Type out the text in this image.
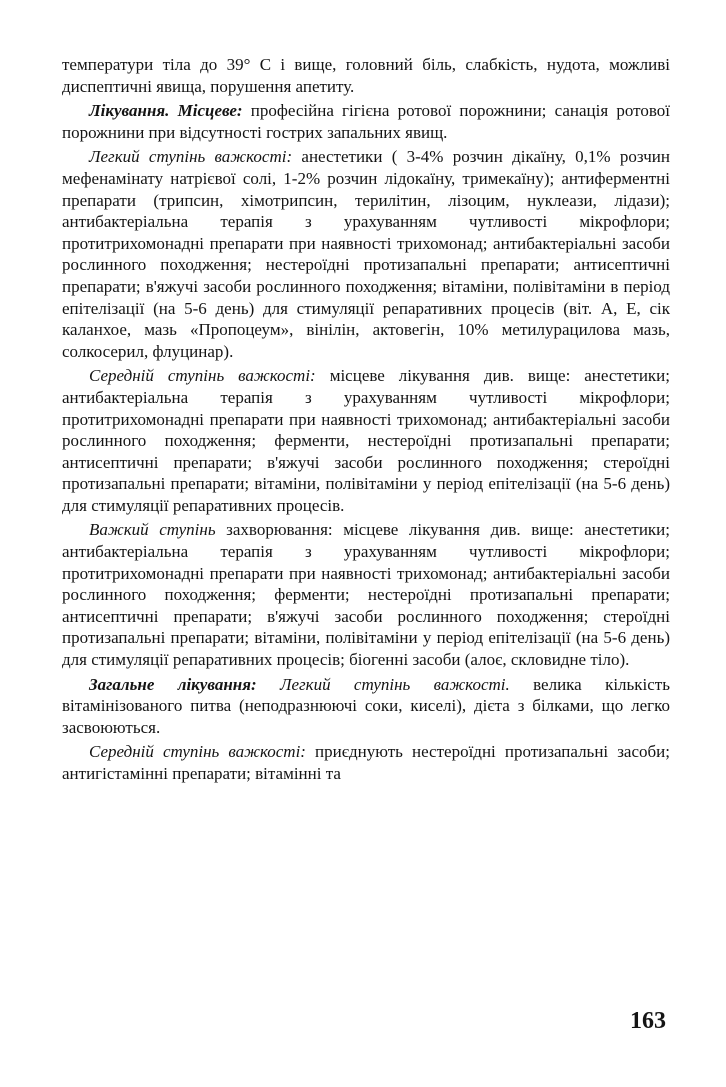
температури тіла до 39° С і вище, головний біль, слабкість, нудота, можливі диспептичні явища, порушення апетиту.

Лікування. Місцеве: професійна гігієна ротової порожнини; санація ротової порожнини при відсутності гострих запальних явищ.

Легкий ступінь важкості: анестетики ( 3-4% розчин дікаїну, 0,1% розчин мефенамінату натрієвої солі, 1-2% розчин лідокаїну, тримекаїну); антиферментні препарати (трипсин, хімотрипсин, терилітин, лізоцим, нуклеази, лідази); антибактеріальна терапія з урахуванням чутливості мікрофлори; протитрихомонадні препарати при наявності трихомонад; антибактеріальні засоби рослинного походження; нестероїдні протизапальні препарати; антисептичні препарати; в'яжучі засоби рослинного походження; вітаміни, полівітаміни в період епітелізації (на 5-6 день) для стимуляції репаративних процесів (віт. А, Е, сік каланхое, мазь «Пропоцеум», вінілін, актовегін, 10% метилурацилова мазь, солкосерил, флуцинар).

Середній ступінь важкості: місцеве лікування див. вище: анестетики; антибактеріальна терапія з урахуванням чутливості мікрофлори; протитрихомонадні препарати при наявності трихомонад; антибактеріальні засоби рослинного походження; ферменти, нестероїдні протизапальні препарати; антисептичні препарати; в'яжучі засоби рослинного походження; стероїдні протизапальні препарати; вітаміни, полівітаміни у період епітелізації (на 5-6 день) для стимуляції репаративних процесів.

Важкий ступінь захворювання: місцеве лікування див. вище: анестетики; антибактеріальна терапія з урахуванням чутливості мікрофлори; протитрихомонадні препарати при наявності трихомонад; антибактеріальні засоби рослинного походження; ферменти; нестероїдні протизапальні препарати; антисептичні препарати; в'яжучі засоби рослинного походження; стероїдні протизапальні препарати; вітаміни, полівітаміни у період епітелізації (на 5-6 день) для стимуляції репаративних процесів; біогенні засоби (алоє, скловидне тіло).

Загальне лікування: Легкий ступінь важкості. велика кількість вітамінізованого питва (неподразнюючі соки, киселі), дієта з білками, що легко засвоюються.

Середній ступінь важкості: приєднують нестероїдні протизапальні засоби; антигістамінні препарати; вітамінні та

163
